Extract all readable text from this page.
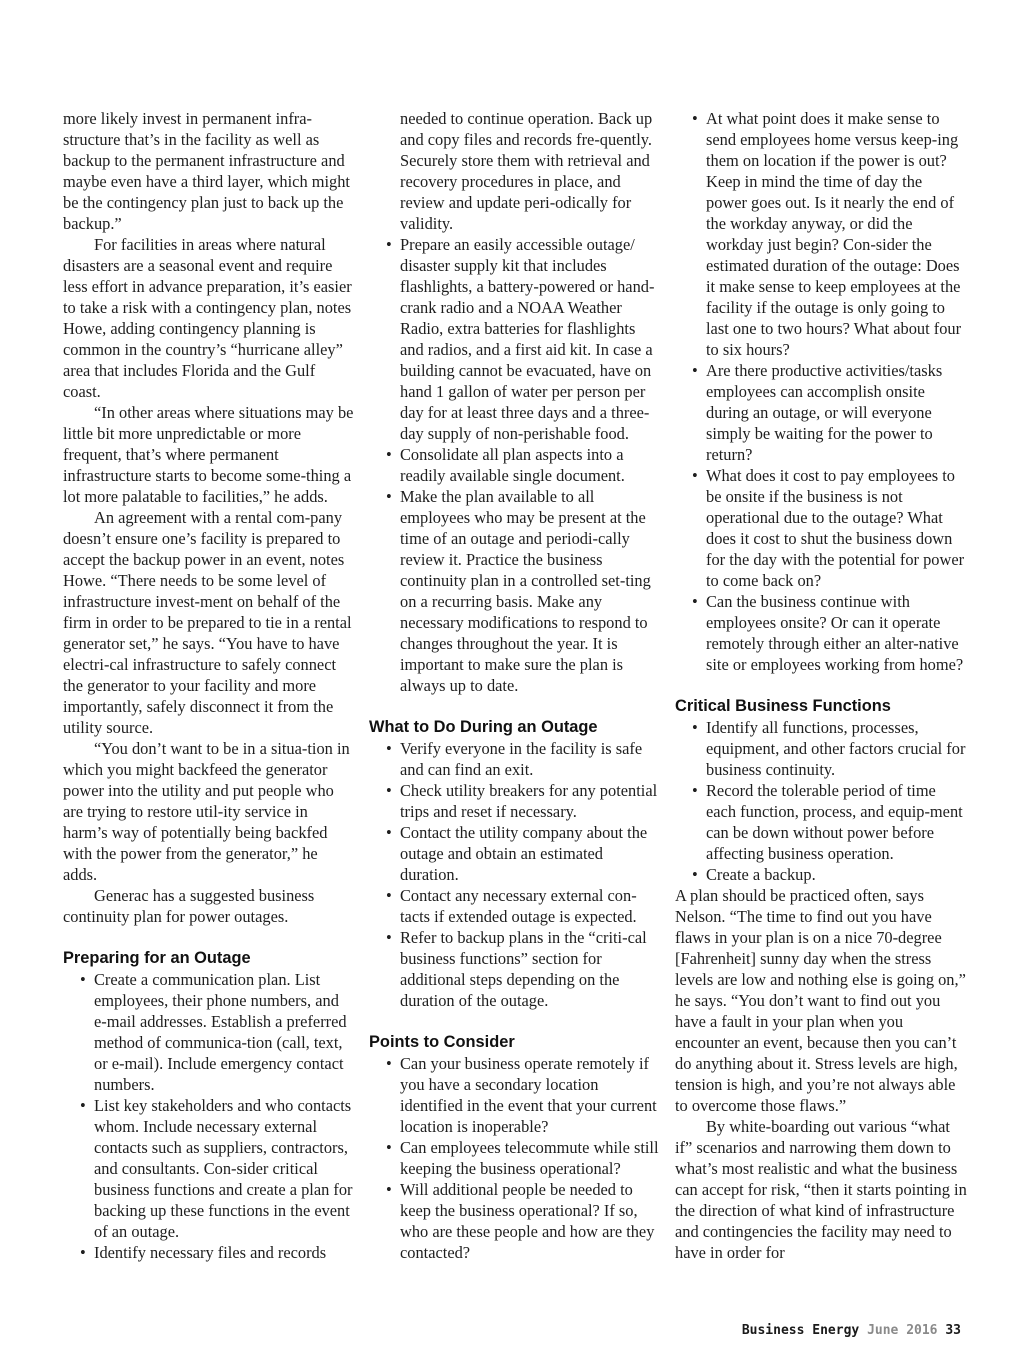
more likely invest in permanent infra-structure that’s in the facility as well as backup to the permanent infrastructure and maybe even have a third layer, which might be the contingency plan just to back up the backup.”

For facilities in areas where natural disasters are a seasonal event and require less effort in advance preparation, it’s easier to take a risk with a contingency plan, notes Howe, adding contingency planning is common in the country’s “hurricane alley” area that includes Florida and the Gulf coast.

“In other areas where situations may be little bit more unpredictable or more frequent, that’s where permanent infrastructure starts to become some-thing a lot more palatable to facilities,” he adds.

An agreement with a rental com-pany doesn’t ensure one’s facility is prepared to accept the backup power in an event, notes Howe. “There needs to be some level of infrastructure invest-ment on behalf of the firm in order to be prepared to tie in a rental generator set,” he says. “You have to have electri-cal infrastructure to safely connect the generator to your facility and more importantly, safely disconnect it from the utility source.

“You don’t want to be in a situa-tion in which you might backfeed the generator power into the utility and put people who are trying to restore util-ity service in harm’s way of potentially being backfed with the power from the generator,” he adds.

Generac has a suggested business continuity plan for power outages.

Preparing for an Outage
• Create a communication plan. List employees, their phone numbers, and e-mail addresses. Establish a preferred method of communica-tion (call, text, or e-mail). Include emergency contact numbers.
• List key stakeholders and who contacts whom. Include necessary external contacts such as suppliers, contractors, and consultants. Con-sider critical business functions and create a plan for backing up these functions in the event of an outage.
• Identify necessary files and records

needed to continue operation. Back up and copy files and records fre-quently. Securely store them with retrieval and recovery procedures in place, and review and update peri-odically for validity.

• Prepare an easily accessible outage/ disaster supply kit that includes flashlights, a battery-powered or hand-crank radio and a NOAA Weather Radio, extra batteries for flashlights and radios, and a first aid kit. In case a building cannot be evacuated, have on hand 1 gallon of water per person per day for at least three days and a three-day supply of non-perishable food.
• Consolidate all plan aspects into a readily available single document.
• Make the plan available to all employees who may be present at the time of an outage and periodi-cally review it. Practice the business continuity plan in a controlled set-ting on a recurring basis. Make any necessary modifications to respond to changes throughout the year. It is important to make sure the plan is always up to date.
What to Do During an Outage
• Verify everyone in the facility is safe and can find an exit.
• Check utility breakers for any potential trips and reset if necessary.
• Contact the utility company about the outage and obtain an estimated duration.
• Contact any necessary external con-tacts if extended outage is expected.
• Refer to backup plans in the “criti-cal business functions” section for additional steps depending on the duration of the outage.
Points to Consider
• Can your business operate remotely if you have a secondary location identified in the event that your current location is inoperable?
• Can employees telecommute while still keeping the business operational?
• Will additional people be needed to keep the business operational? If so, who are these people and how are they contacted?
• At what point does it make sense to send employees home versus keep-ing them on location if the power is out? Keep in mind the time of day the power goes out. Is it nearly the end of the workday anyway, or did the workday just begin? Con-sider the estimated duration of the outage: Does it make sense to keep employees at the facility if the outage is only going to last one to two hours? What about four to six hours?
• Are there productive activities/tasks employees can accomplish onsite during an outage, or will everyone simply be waiting for the power to return?
• What does it cost to pay employees to be onsite if the business is not operational due to the outage? What does it cost to shut the business down for the day with the potential for power to come back on?
• Can the business continue with employees onsite? Or can it operate remotely through either an alter-native site or employees working from home?
Critical Business Functions
• Identify all functions, processes, equipment, and other factors crucial for business continuity.
• Record the tolerable period of time each function, process, and equip-ment can be down without power before affecting business operation.
• Create a backup.

A plan should be practiced often, says Nelson. “The time to find out you have flaws in your plan is on a nice 70-degree [Fahrenheit] sunny day when the stress levels are low and nothing else is going on,” he says. “You don’t want to find out you have a fault in your plan when you encounter an event, because then you can’t do anything about it. Stress levels are high, tension is high, and you’re not always able to overcome those flaws.”

By white-boarding out various “what if” scenarios and narrowing them down to what’s most realistic and what the business can accept for risk, “then it starts pointing in the direction of what kind of infrastructure and contingencies the facility may need to have in order for

Business Energy June 2016 33
